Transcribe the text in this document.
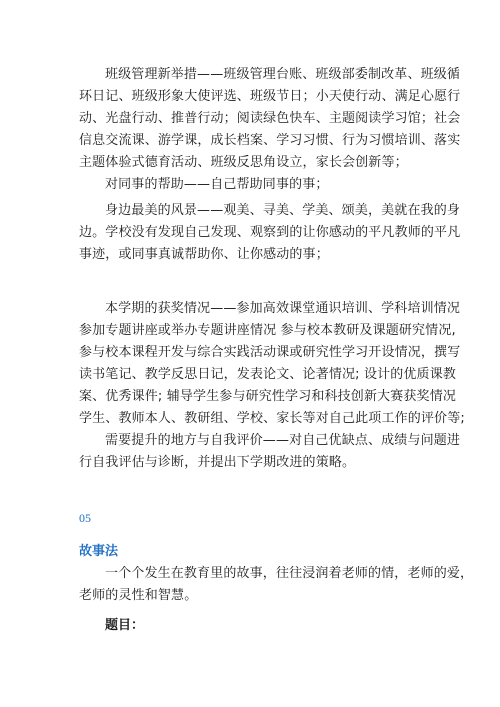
班级管理新举措——班级管理台账、班级部委制改革、班级循
环日记、班级形象大使评选、班级节日；小天使行动、满足心愿行
动、光盘行动、推普行动；阅读绿色快车、主题阅读学习馆；社会
信息交流课、游学课，成长档案、学习习惯、行为习惯培训、落实
主题体验式德育活动、班级反思角设立，家长会创新等；
对同事的帮助——自己帮助同事的事；
身边最美的风景——观美、寻美、学美、颂美，美就在我的身
边。学校没有发现自己发现、观察到的让你感动的平凡教师的平凡
事迹，或同事真诚帮助你、让你感动的事；
本学期的获奖情况——参加高效课堂通识培训、学科培训情况
参加专题讲座或举办专题讲座情况 参与校本教研及课题研究情况,
参与校本课程开发与综合实践活动课或研究性学习开设情况，撰写
读书笔记、教学反思日记，发表论文、论著情况; 设计的优质课教
案、优秀课件; 辅导学生参与研究性学习和科技创新大赛获奖情况
学生、教师本人、教研组、学校、家长等对自己此项工作的评价等;
需要提升的地方与自我评价——对自己优缺点、成绩与问题进
行自我评估与诊断，并提出下学期改进的策略。
05
故事法
一个个发生在教育里的故事，往往浸润着老师的情，老师的爱，
老师的灵性和智慧。
题目：
